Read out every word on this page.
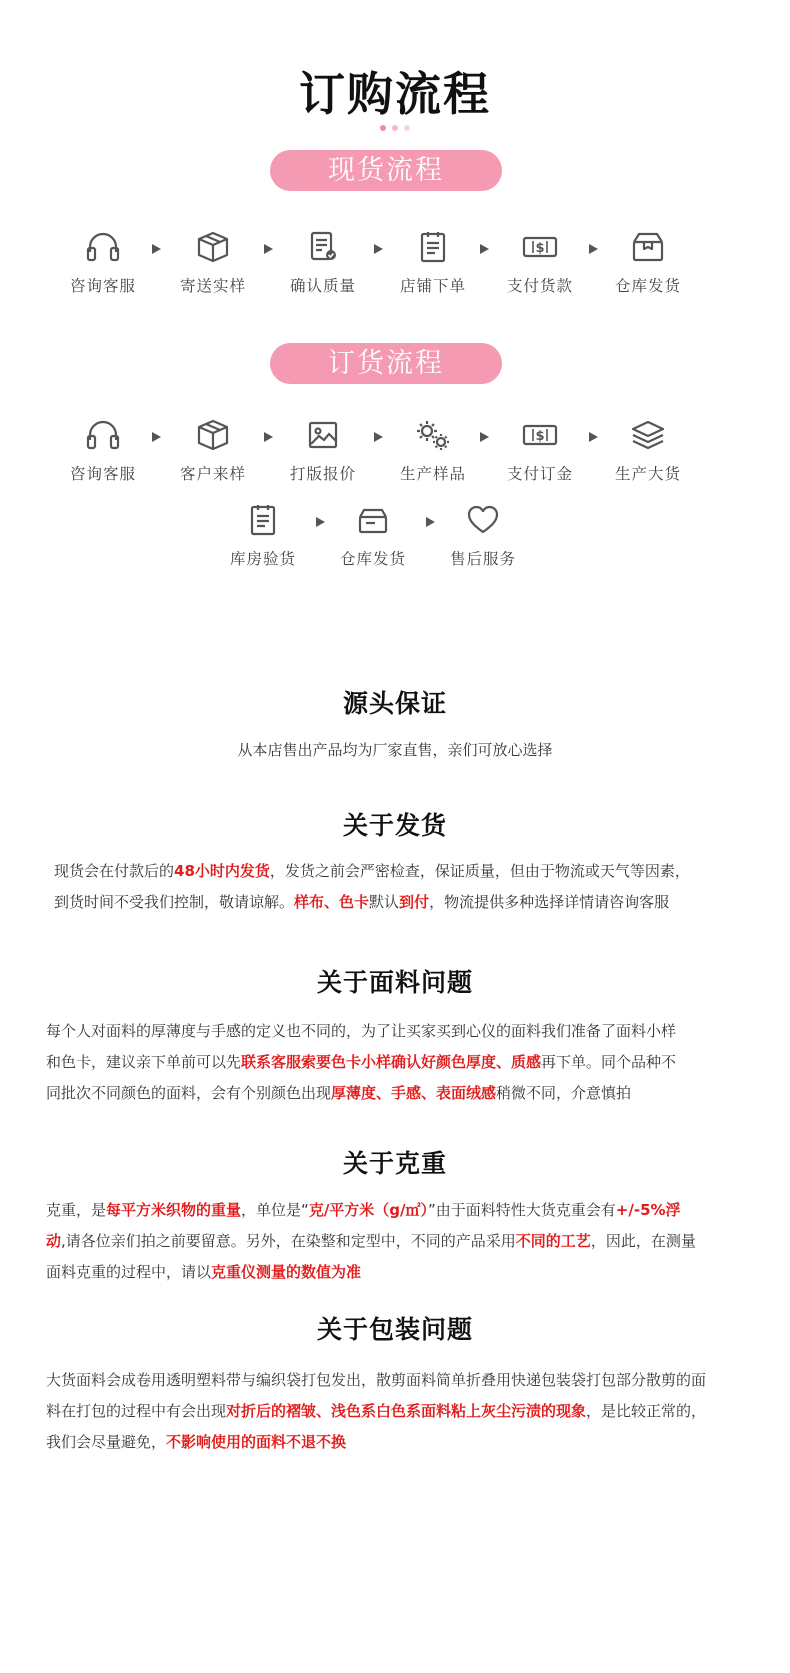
订购流程
现货流程
咨询客服	寄送实样	确认质量	店铺下单
$
支付货款	仓库发货
订货流程
咨询客服	客户来样	打版报价	生产样品
$
支付订金	生产大货
库房验货	仓库发货	售后服务
源头保证

从本店售出产品均为厂家直售，亲们可放心选择

关于发货

现货会在付款后的48小时内发货，发货之前会严密检查，保证质量，但由于物流或天气等因素，

到货时间不受我们控制，敬请谅解。样布、色卡默认到付，物流提供多种选择详情请咨询客服

关于面料问题

每个人对面料的厚薄度与手感的定义也不同的，为了让买家买到心仪的面料我们准备了面料小样

和色卡，建议亲下单前可以先联系客服索要色卡小样确认好颜色厚度、质感再下单。同个品种不

同批次不同颜色的面料，会有个别颜色出现厚薄度、手感、表面绒感稍微不同，介意慎拍

关于克重

克重，是每平方米织物的重量，单位是“克/平方米（g/㎡）”由于面料特性大货克重会有+/-5%浮

动,请各位亲们拍之前要留意。另外，在染整和定型中，不同的产品采用不同的工艺，因此，在测量

面料克重的过程中，请以克重仪测量的数值为准

关于包装问题

大货面料会成卷用透明塑料带与编织袋打包发出，散剪面料简单折叠用快递包装袋打包部分散剪的面

料在打包的过程中有会出现对折后的褶皱、浅色系白色系面料粘上灰尘污渍的现象，是比较正常的，

我们会尽量避免，不影响使用的面料不退不换
